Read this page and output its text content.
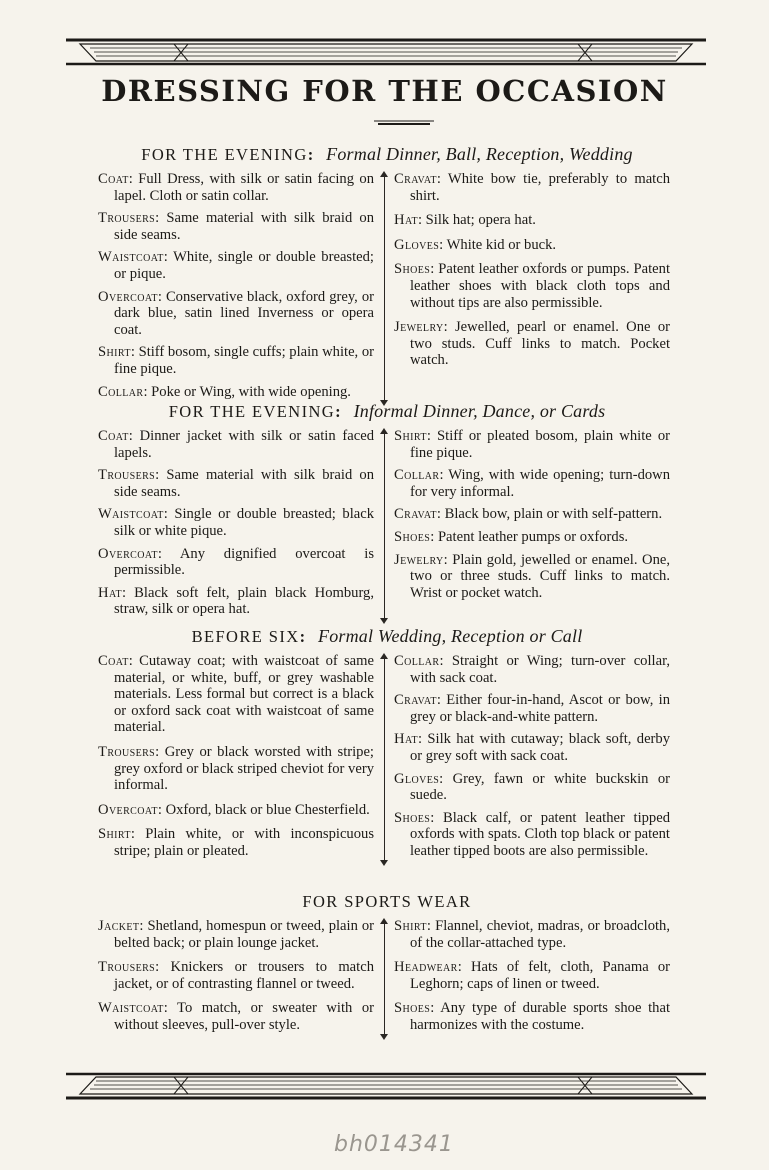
DRESSING FOR THE OCCASION

FOR THE EVENING: Formal Dinner, Ball, Reception, Wedding

Coat: Full Dress, with silk or satin facing on lapel. Cloth or satin collar.

Trousers: Same material with silk braid on side seams.

Waistcoat: White, single or double breasted; or pique.

Overcoat: Conservative black, oxford grey, or dark blue, satin lined Inverness or opera coat.

Shirt: Stiff bosom, single cuffs; plain white, or fine pique.

Collar: Poke or Wing, with wide opening.

Cravat: White bow tie, preferably to match shirt.

Hat: Silk hat; opera hat.

Gloves: White kid or buck.

Shoes: Patent leather oxfords or pumps. Patent leather shoes with black cloth tops and without tips are also permissible.

Jewelry: Jewelled, pearl or enamel. One or two studs. Cuff links to match. Pocket watch.

FOR THE EVENING: Informal Dinner, Dance, or Cards

Coat: Dinner jacket with silk or satin faced lapels.

Trousers: Same material with silk braid on side seams.

Waistcoat: Single or double breasted; black silk or white pique.

Overcoat: Any dignified overcoat is permissible.

Hat: Black soft felt, plain black Homburg, straw, silk or opera hat.

Shirt: Stiff or pleated bosom, plain white or fine pique.

Collar: Wing, with wide opening; turn-down for very informal.

Cravat: Black bow, plain or with self-pattern.

Shoes: Patent leather pumps or oxfords.

Jewelry: Plain gold, jewelled or enamel. One, two or three studs. Cuff links to match. Wrist or pocket watch.

BEFORE SIX: Formal Wedding, Reception or Call

Coat: Cutaway coat; with waistcoat of same material, or white, buff, or grey washable materials. Less formal but correct is a black or oxford sack coat with waistcoat of same material.

Trousers: Grey or black worsted with stripe; grey oxford or black striped cheviot for very informal.

Overcoat: Oxford, black or blue Chesterfield.

Shirt: Plain white, or with inconspicuous stripe; plain or pleated.

Collar: Straight or Wing; turn-over collar, with sack coat.

Cravat: Either four-in-hand, Ascot or bow, in grey or black-and-white pattern.

Hat: Silk hat with cutaway; black soft, derby or grey soft with sack coat.

Gloves: Grey, fawn or white buckskin or suede.

Shoes: Black calf, or patent leather tipped oxfords with spats. Cloth top black or patent leather tipped boots are also permissible.

FOR SPORTS WEAR

Jacket: Shetland, homespun or tweed, plain or belted back; or plain lounge jacket.

Trousers: Knickers or trousers to match jacket, or of contrasting flannel or tweed.

Waistcoat: To match, or sweater with or without sleeves, pull-over style.

Shirt: Flannel, cheviot, madras, or broadcloth, of the collar-attached type.

Headwear: Hats of felt, cloth, Panama or Leghorn; caps of linen or tweed.

Shoes: Any type of durable sports shoe that harmonizes with the costume.

bh014341
